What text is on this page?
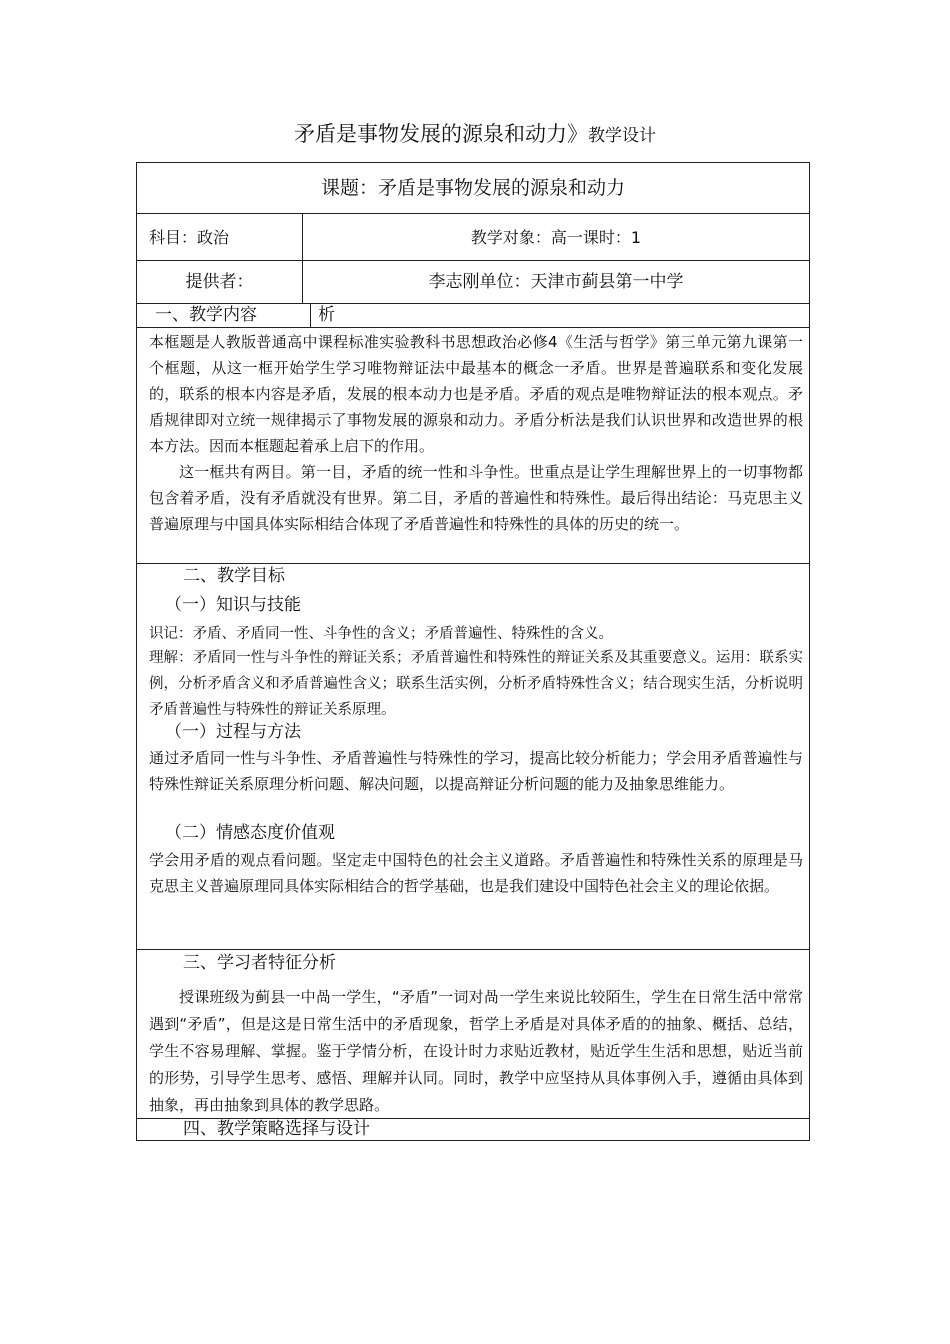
矛盾是事物发展的源泉和动力》教学设计
课题：矛盾是事物发展的源泉和动力
科目：政治	教学对象：高一课时：1
提供者：	李志刚单位：天津市蓟县第一中学
一、教学内容	析
本框题是人教版普通高中课程标准实验教科书思想政治必修4《生活与哲学》第三单元第九课第一个框题，从这一框开始学生学习唯物辩证法中最基本的概念一矛盾。世界是普遍联系和变化发展的，联系的根本内容是矛盾，发展的根本动力也是矛盾。矛盾的观点是唯物辩证法的根本观点。矛盾规律即对立统一规律揭示了事物发展的源泉和动力。矛盾分析法是我们认识世界和改造世界的根本方法。因而本框题起着承上启下的作用。
这一框共有两目。第一目，矛盾的统一性和斗争性。世重点是让学生理解世界上的一切事物都包含着矛盾，没有矛盾就没有世界。第二目，矛盾的普遍性和特殊性。最后得出结论：马克思主义普遍原理与中国具体实际相结合体现了矛盾普遍性和特殊性的具体的历史的统一。
二、教学目标
（一）知识与技能
识记：矛盾、矛盾同一性、斗争性的含义；矛盾普遍性、特殊性的含义。
理解：矛盾同一性与斗争性的辩证关系；矛盾普遍性和特殊性的辩证关系及其重要意义。运用：联系实例，分析矛盾含义和矛盾普遍性含义；联系生活实例，分析矛盾特殊性含义；结合现实生活，分析说明矛盾普遍性与特殊性的辩证关系原理。
（一）过程与方法
通过矛盾同一性与斗争性、矛盾普遍性与特殊性的学习，提高比较分析能力；学会用矛盾普遍性与特殊性辩证关系原理分析问题、解决问题，以提高辩证分析问题的能力及抽象思维能力。
（二）情感态度价值观
学会用矛盾的观点看问题。坚定走中国特色的社会主义道路。矛盾普遍性和特殊性关系的原理是马克思主义普遍原理同具体实际相结合的哲学基础，也是我们建设中国特色社会主义的理论依据。
三、学习者特征分析
授课班级为蓟县一中咼一学生，“矛盾”一词对咼一学生来说比较陌生，学生在日常生活中常常遇到“矛盾”，但是这是日常生活中的矛盾现象，哲学上矛盾是对具体矛盾的的抽象、概括、总结，学生不容易理解、掌握。鉴于学情分析，在设计时力求贴近教材，贴近学生生活和思想，贴近当前的形势，引导学生思考、感悟、理解并认同。同时，教学中应坚持从具体事例入手，遵循由具体到抽象，再由抽象到具体的教学思路。
四、教学策略选择与设计
